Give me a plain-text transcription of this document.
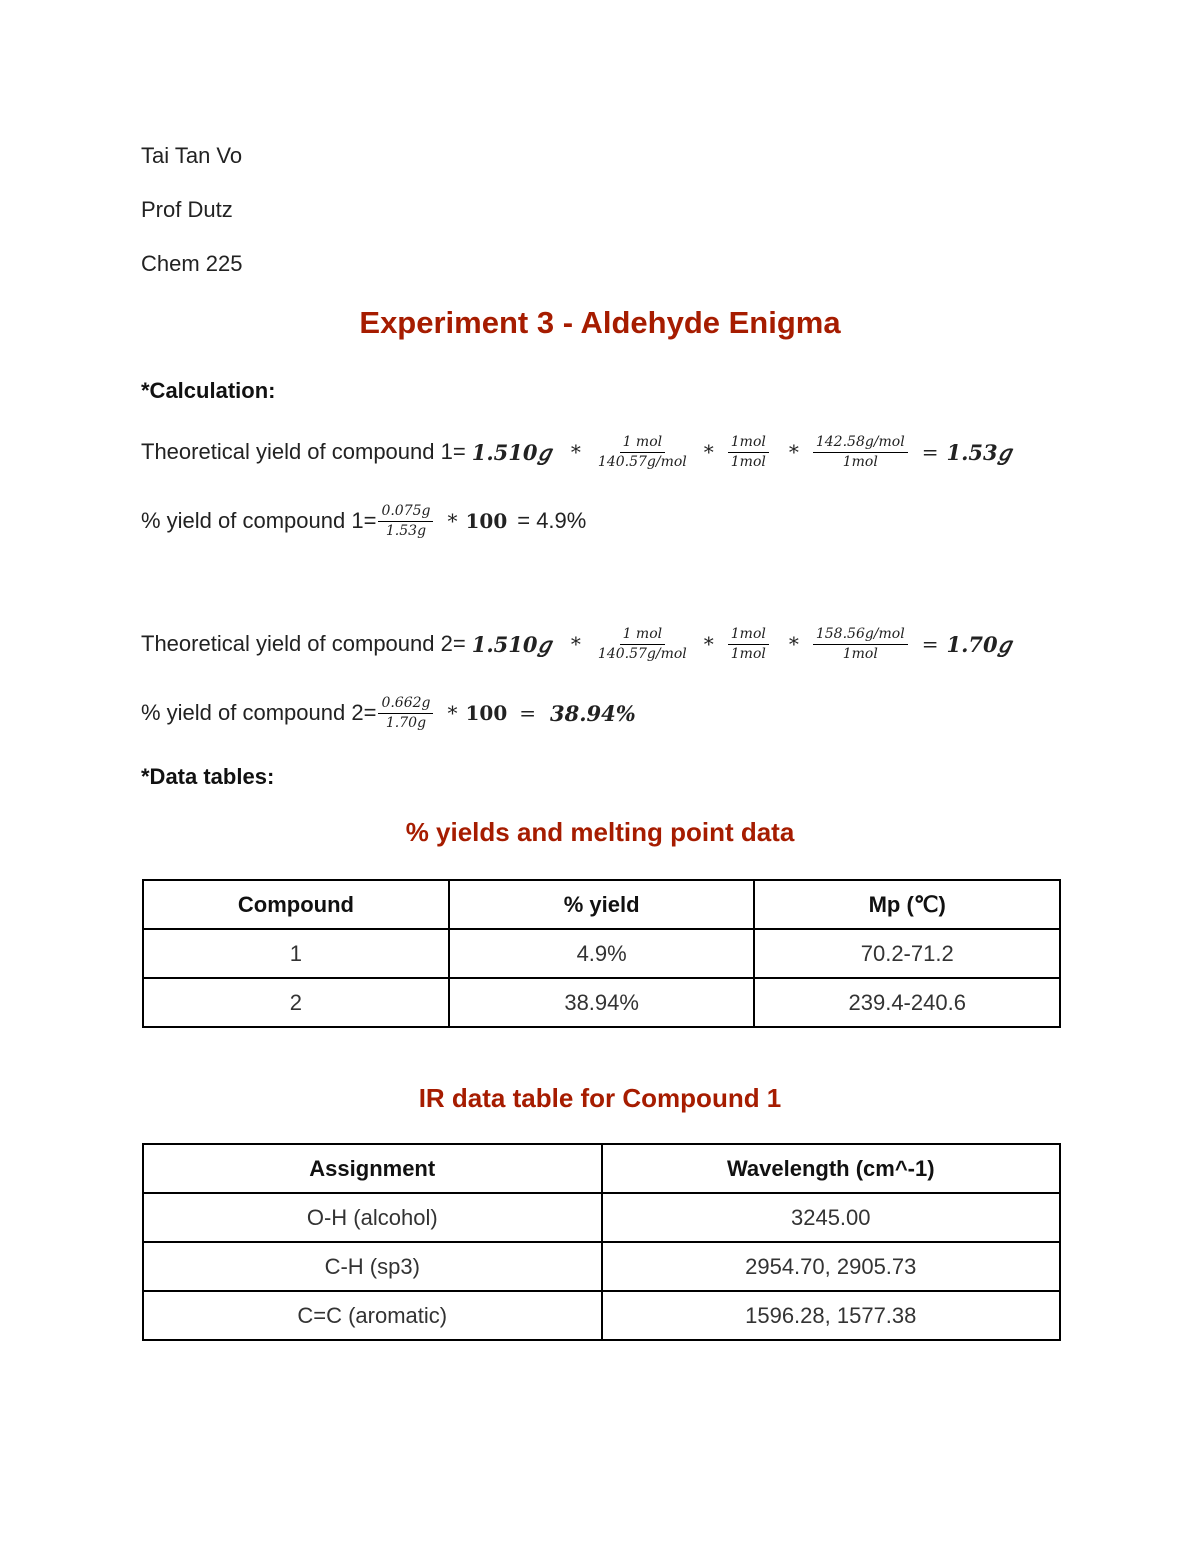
Tai Tan Vo
Prof Dutz
Chem 225
Experiment 3 - Aldehyde Enigma
*Calculation:
Theoretical yield of compound 1= 1.510𝑔 * $\frac{\text{1 𝑚𝑜𝑙}}{\text{140.57𝑔/𝑚𝑜𝑙}} * \frac{\text{1𝑚𝑜𝑙}}{\text{1𝑚𝑜𝑙}} * \frac{\text{142.58𝑔/𝑚𝑜𝑙}}{\text{1𝑚𝑜𝑙}}$ = 1.53𝑔
% yield of compound $1= \frac{\text{0.075𝑔}}{\text{1.53𝑔}} * 100 = 4.9\%$
Theoretical yield of compound 2= 1.510𝑔 * $\frac{\text{1 𝑚𝑜𝑙}}{\text{140.57𝑔/𝑚𝑜𝑙}} * \frac{\text{1𝑚𝑜𝑙}}{\text{1𝑚𝑜𝑙}} * \frac{\text{158.56𝑔/𝑚𝑜𝑙}}{\text{1𝑚𝑜𝑙}}$ = 1.70𝑔
% yield of compound $2= \frac{\text{0.662𝑔}}{\text{1.70𝑔}} * 100 = 38.94\%$
*Data tables:
% yields and melting point data
Compound	% yield	Mp (℃)
1	4.9%	70.2-71.2
2	38.94%	239.4-240.6
IR data table for Compound 1
Assignment	Wavelength (cm^-1)
O-H (alcohol)	3245.00
C-H (sp3)	2954.70, 2905.73
C=C (aromatic)	1596.28, 1577.38
